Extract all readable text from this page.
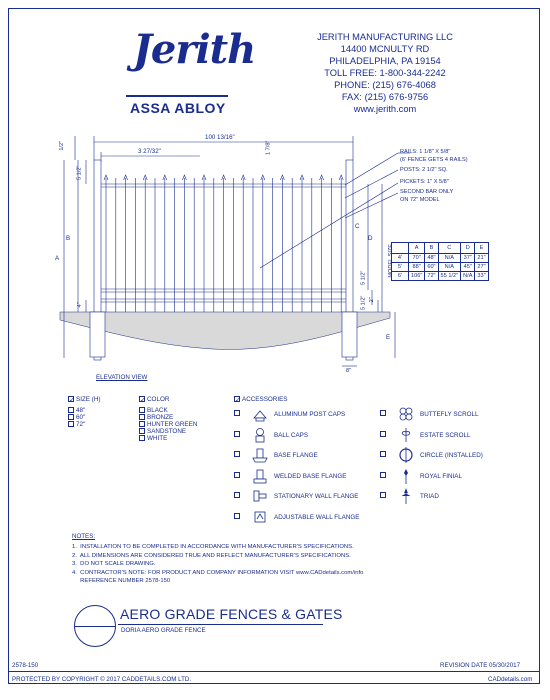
Jerith
ASSA ABLOY
JERITH MANUFACTURING LLC
14400 MCNULTY RD
PHILADELPHIA, PA 19154
TOLL FREE: 1-800-344-2242
PHONE: (215) 676-4068
FAX: (215) 676-9756
www.jerith.com
100 13/16"
3 27/32"
1/2"	1 7/8"
5 1/2"
4"
A
B
C
D
E
5 1/2"
5 1/2" 2"
8"
RAILS: 1 1/8" X 5/8"
(6' FENCE GETS 4 RAILS)
POSTS: 2 1/2" SQ.
PICKETS: 1" X 5/8"
SECOND BAR ONLY
ON 72" MODEL
MODEL SIZE
		A	B	C	D	E
4'	70"	48"	N/A	37"	21"
5'	88"	60"	N/A	45"	27"
6'	106"	72"	55 1/2"	N/A	33"
ELEVATION VIEW
✓ SIZE (H)
48"
60"
72"
✓ COLOR
BLACK
BRONZE
HUNTER GREEN
SANDSTONE
WHITE
✓ ACCESSORIES
ALUMINUM POST CAPS
BALL CAPS
BASE FLANGE
WELDED BASE FLANGE
STATIONARY WALL FLANGE
ADJUSTABLE WALL FLANGE
BUTTEFLY SCROLL
ESTATE SCROLL
CIRCLE (INSTALLED)
ROYAL FINIAL
TRIAD
NOTES:
1.  INSTALLATION TO BE COMPLETED IN ACCORDANCE WITH MANUFACTURER'S SPECIFICATIONS.
2.  ALL DIMENSIONS ARE CONSIDERED TRUE AND REFLECT MANUFACTURER'S SPECIFICATIONS.
3.  DO NOT SCALE DRAWING.
4.  CONTRACTOR'S NOTE: FOR PRODUCT AND COMPANY INFORMATION VISIT www.CADdetails.com/info
REFERENCE NUMBER 2578-150
AERO GRADE FENCES & GATES
DORIA AERO GRADE FENCE
2578-150	REVISION DATE 05/30/2017
PROTECTED BY COPYRIGHT © 2017 CADDETAILS.COM LTD.	CADdetails.com
